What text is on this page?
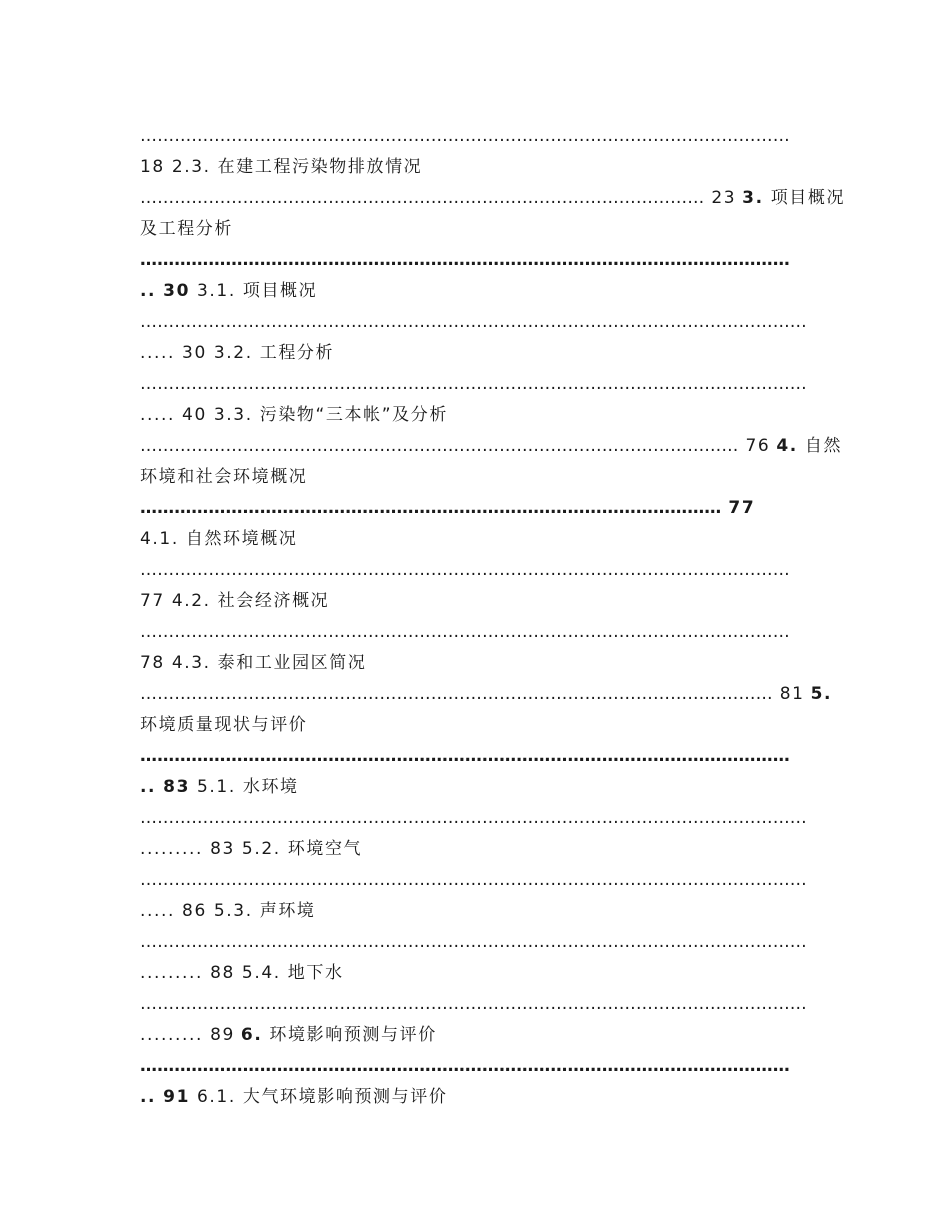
……………………………………………………………………………………………………
18 2.3. 在建工程污染物排放情况
……………………………………………………………………………………… 23 3. 项目概况
及工程分析
……………………………………………………………………………………………………
.. 30 3.1. 项目概况
………………………………………………………………………………………………………
..... 30 3.2. 工程分析
………………………………………………………………………………………………………
..... 40 3.3. 污染物“三本帐”及分析
…………………………………………………………………………………………… 76 4. 自然
环境和社会环境概况
………………………………………………………………………………………… 77
4.1. 自然环境概况
……………………………………………………………………………………………………
77 4.2. 社会经济概况
……………………………………………………………………………………………………
78 4.3. 泰和工业园区简况
………………………………………………………………………………………………… 81 5.
环境质量现状与评价
……………………………………………………………………………………………………
.. 83 5.1. 水环境
………………………………………………………………………………………………………
......... 83 5.2. 环境空气
………………………………………………………………………………………………………
..... 86 5.3. 声环境
………………………………………………………………………………………………………
......... 88 5.4. 地下水
………………………………………………………………………………………………………
......... 89 6. 环境影响预测与评价
……………………………………………………………………………………………………
.. 91 6.1. 大气环境影响预测与评价
